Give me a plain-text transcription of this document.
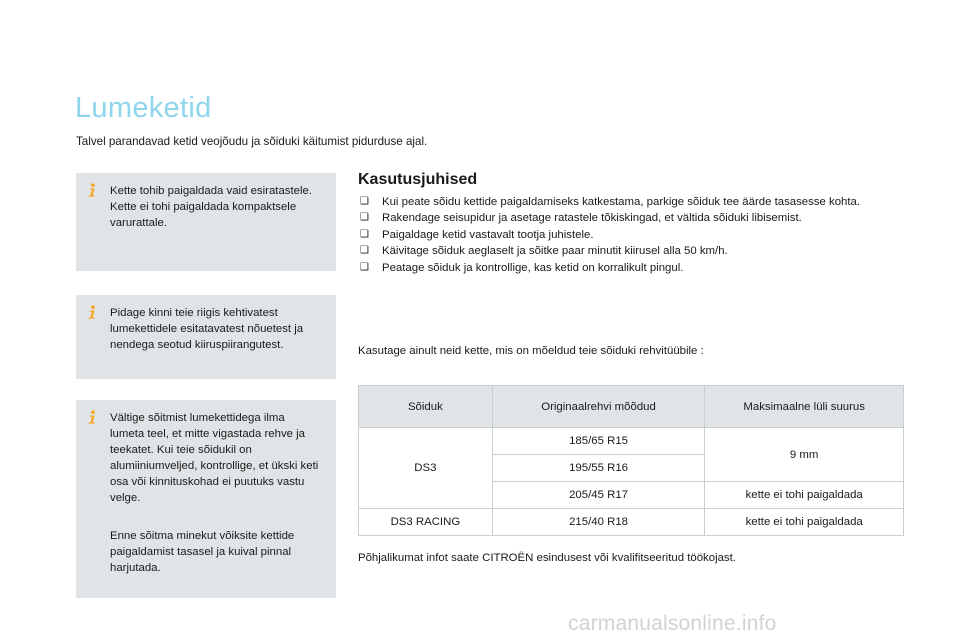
Lumeketid

Talvel parandavad ketid veojõudu ja sõiduki käitumist pidurduse ajal.

Kette tohib paigaldada vaid esiratastele. Kette ei tohi paigaldada kompaktsele varurattale.

Pidage kinni teie riigis kehtivatest lumekettidele esitatavatest nõuetest ja nendega seotud kiiruspiirangutest.

Vältige sõitmist lumekettidega ilma lumeta teel, et mitte vigastada rehve ja teekatet. Kui teie sõidukil on alumiiniumveljed, kontrollige, et ükski keti osa või kinnituskohad ei puutuks vastu velge.

Enne sõitma minekut võiksite kettide paigaldamist tasasel ja kuival pinnal harjutada.

Kasutusjuhised
❑ Kui peate sõidu kettide paigaldamiseks katkestama, parkige sõiduk tee äärde tasasesse kohta.
❑ Rakendage seisupidur ja asetage ratastele tõkiskingad, et vältida sõiduki libisemist.
❑ Paigaldage ketid vastavalt tootja juhistele.
❑ Käivitage sõiduk aeglaselt ja sõitke paar minutit kiirusel alla 50 km/h.
❑ Peatage sõiduk ja kontrollige, kas ketid on korralikult pingul.

Kasutage ainult neid kette, mis on mõeldud teie sõiduki rehvitüübile :

Sõiduk	Originaalrehvi mõõdud	Maksimaalne lüli suurus
DS3	185/65 R15	9 mm
	195/55 R16	
	205/45 R17	kette ei tohi paigaldada
DS3 RACING	215/40 R18	kette ei tohi paigaldada

Põhjalikumat infot saate CITROËN esindusest või kvalifitseeritud töökojast.

carmanualsonline.info
